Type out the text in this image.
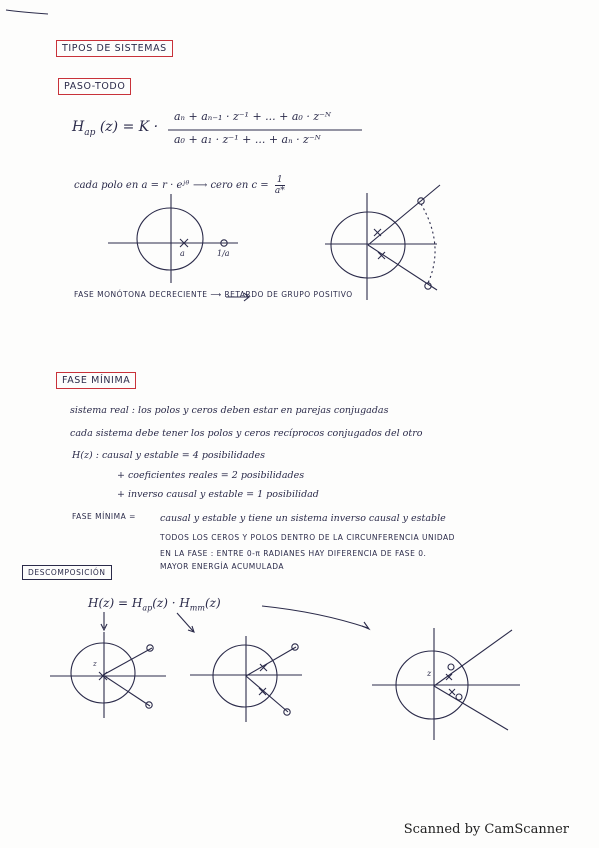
TIPOS DE SISTEMAS
PASO-TODO
$H_{ap}$ (z) = K ·
aₙ + aₙ₋₁ · z⁻¹ + ... + a₀ · z⁻ᴺ
a₀ + a₁ · z⁻¹ + ... + aₙ · z⁻ᴺ
cada polo en a = r · eʲᶿ ⟶ cero en $c = \frac{1}{a*}$
a	1/a
FASE MONÓTONA DECRECIENTE ⟶ RETARDO DE GRUPO POSITIVO
FASE MÍNIMA
sistema real : los polos y ceros deben estar en parejas conjugadas
cada sistema debe tener los polos y ceros recíprocos conjugados del otro
H(z) : causal y estable = 4 posibilidades
+ coeficientes reales = 2 posibilidades
+ inverso causal y estable = 1 posibilidad
FASE MÍNIMA =	causal y estable y tiene un sistema inverso causal y estable
TODOS LOS CEROS Y POLOS DENTRO DE LA CIRCUNFERENCIA UNIDAD
EN LA FASE : ENTRE 0-π RADIANES HAY DIFERENCIA DE FASE 0.
MAYOR ENERGÍA ACUMULADA
DESCOMPOSICIÓN
$H(z) = H_{ap}(z) \cdot H_{mm}(z)$
z
z
Scanned by CamScanner
